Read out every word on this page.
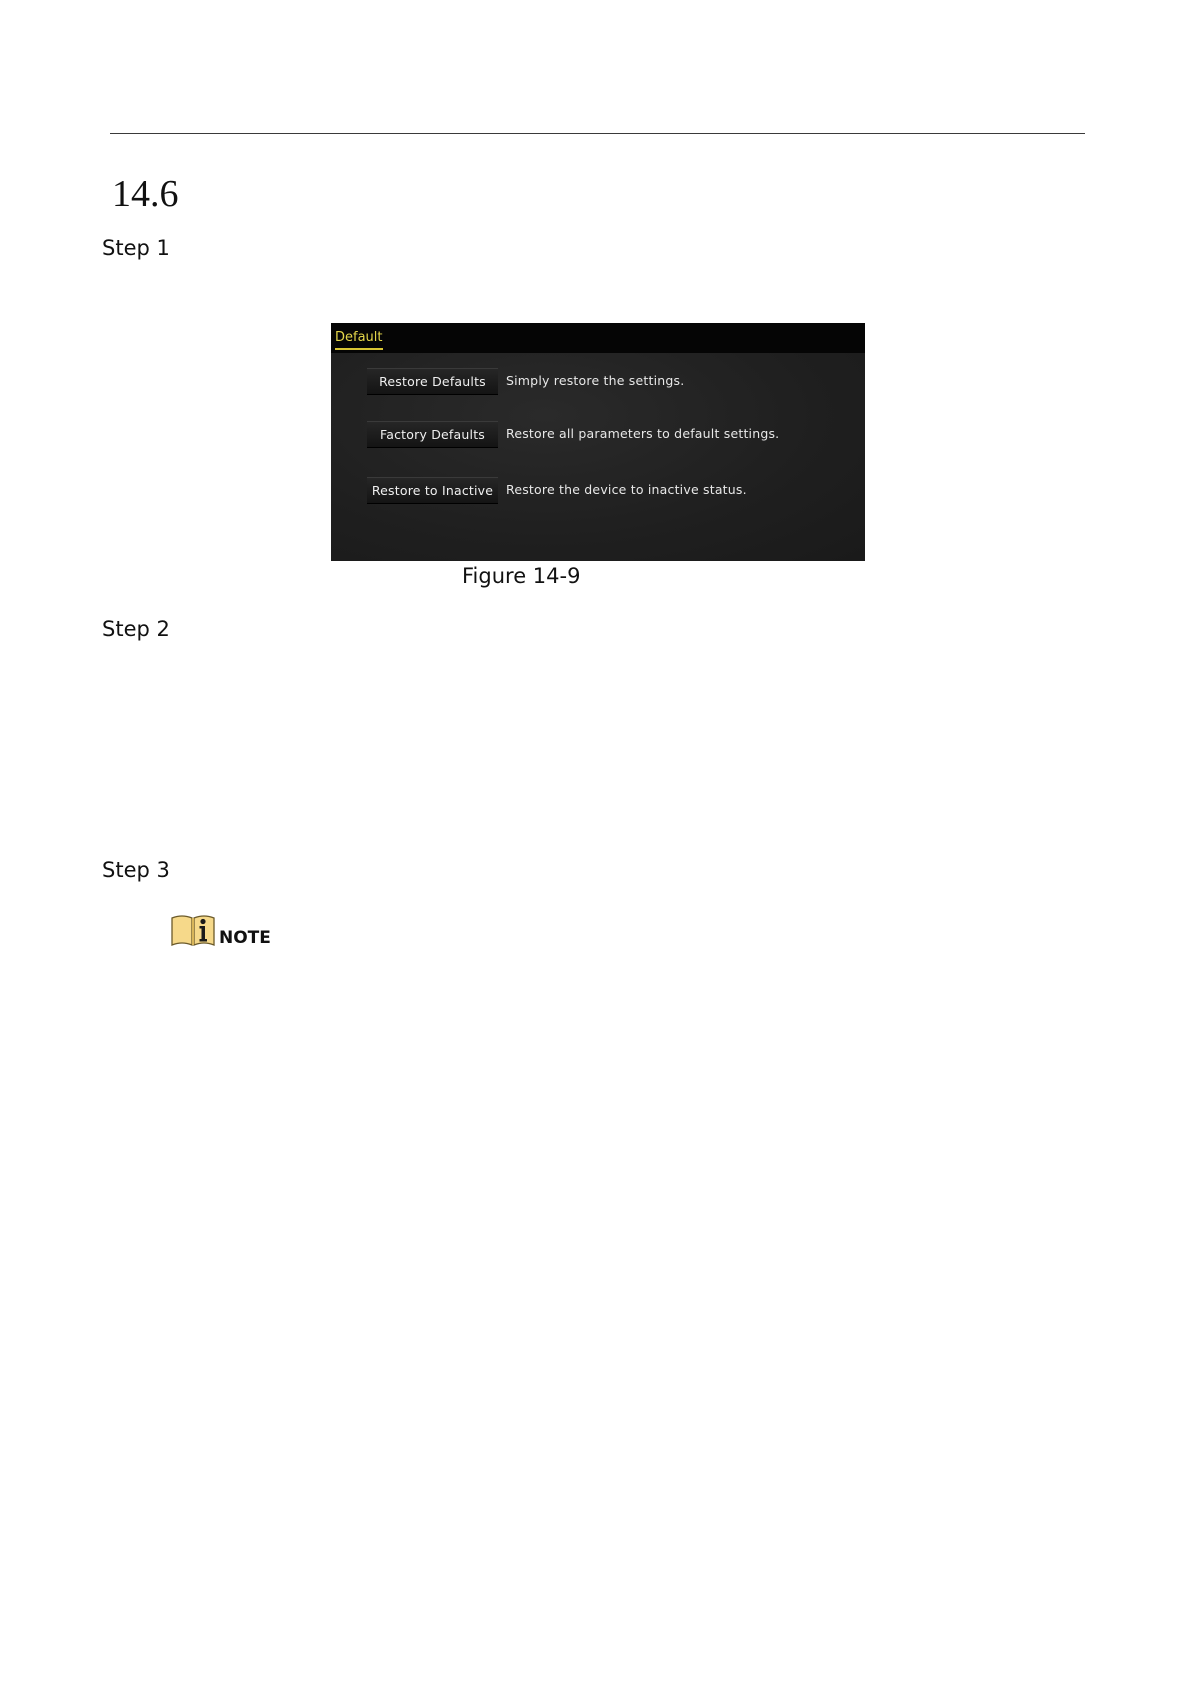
14.6
Step 1
Default
Restore Defaults	Simply restore the settings.
Factory Defaults	Restore all parameters to default settings.
Restore to Inactive	Restore the device to inactive status.
Figure 14-9
Step 2
Step 3
NOTE
